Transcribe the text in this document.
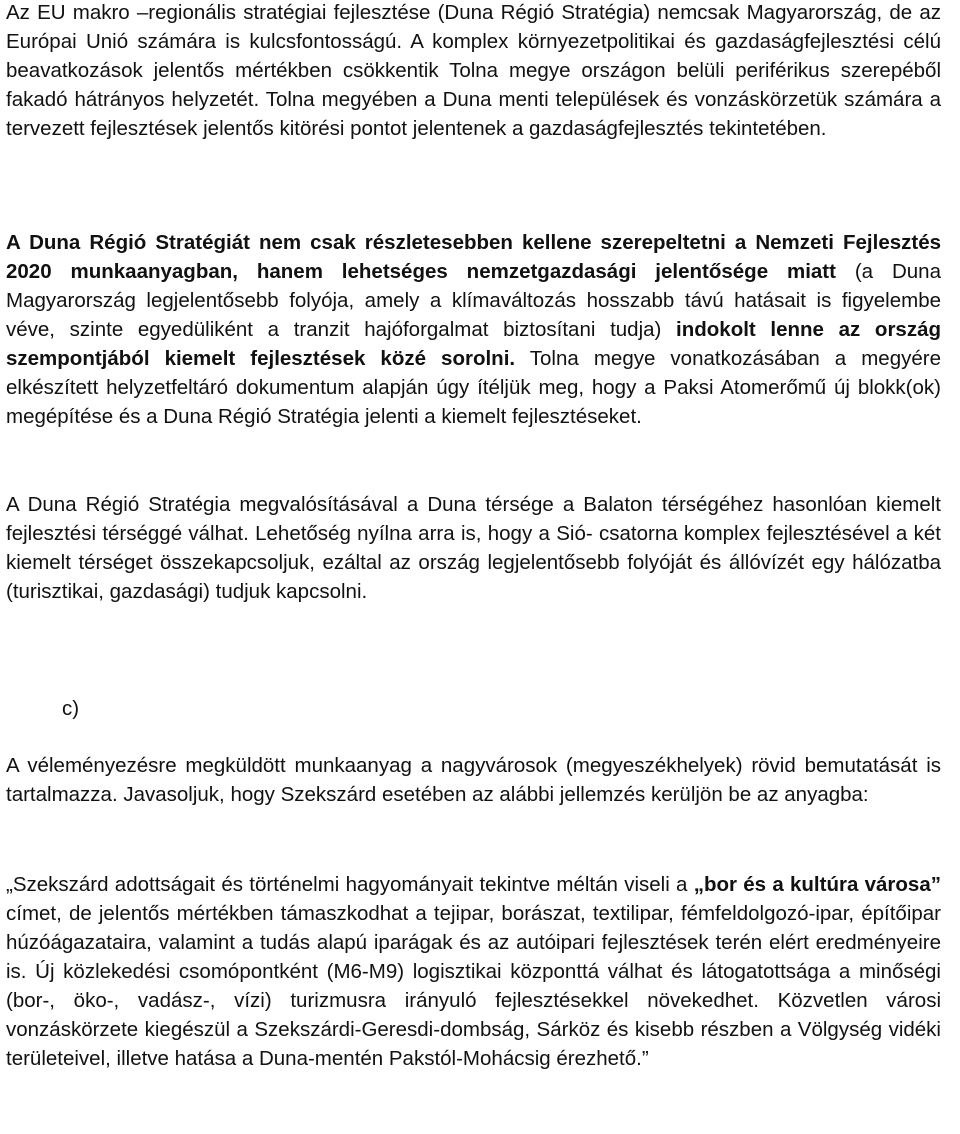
Az EU makro –regionális stratégiai fejlesztése (Duna Régió Stratégia) nemcsak Magyarország, de az Európai Unió számára is kulcsfontosságú. A komplex környezetpolitikai és gazdaságfejlesztési célú beavatkozások jelentős mértékben csökkentik Tolna megye országon belüli periférikus szerepéből fakadó hátrányos helyzetét. Tolna megyében a Duna menti települések és vonzáskörzetük számára a tervezett fejlesztések jelentős kitörési pontot jelentenek a gazdaságfejlesztés tekintetében.

A Duna Régió Stratégiát nem csak részletesebben kellene szerepeltetni a Nemzeti Fejlesztés 2020 munkaanyagban, hanem lehetséges nemzetgazdasági jelentősége miatt (a Duna Magyarország legjelentősebb folyója, amely a klímaváltozás hosszabb távú hatásait is figyelembe véve, szinte egyedüliként a tranzit hajóforgalmat biztosítani tudja) indokolt lenne az ország szempontjából kiemelt fejlesztések közé sorolni. Tolna megye vonatkozásában a megyére elkészített helyzetfeltáró dokumentum alapján úgy ítéljük meg, hogy a Paksi Atomerőmű új blokk(ok) megépítése és a Duna Régió Stratégia jelenti a kiemelt fejlesztéseket.

A Duna Régió Stratégia megvalósításával a Duna térsége a Balaton térségéhez hasonlóan kiemelt fejlesztési térséggé válhat. Lehetőség nyílna arra is, hogy a Sió- csatorna komplex fejlesztésével a két kiemelt térséget összekapcsoljuk, ezáltal az ország legjelentősebb folyóját és állóvízét egy hálózatba (turisztikai, gazdasági) tudjuk kapcsolni.

c)

A véleményezésre megküldött munkaanyag a nagyvárosok (megyeszékhelyek) rövid bemutatását is tartalmazza. Javasoljuk, hogy Szekszárd esetében az alábbi jellemzés kerüljön be az anyagba:

„Szekszárd adottságait és történelmi hagyományait tekintve méltán viseli a „bor és a kultúra városa” címet, de jelentős mértékben támaszkodhat a tejipar, borászat, textilipar, fémfeldolgozó-ipar, építőipar húzóágazataira, valamint a tudás alapú iparágak és az autóipari fejlesztések terén elért eredményeire is. Új közlekedési csomópontként (M6-M9) logisztikai központtá válhat és látogatottsága a minőségi (bor-, öko-, vadász-, vízi) turizmusra irányuló fejlesztésekkel növekedhet. Közvetlen városi vonzáskörzete kiegészül a Szekszárdi-Geresdi-dombság, Sárköz és kisebb részben a Völgység vidéki területeivel, illetve hatása a Duna-mentén Pakstól-Mohácsig érezhető.”
